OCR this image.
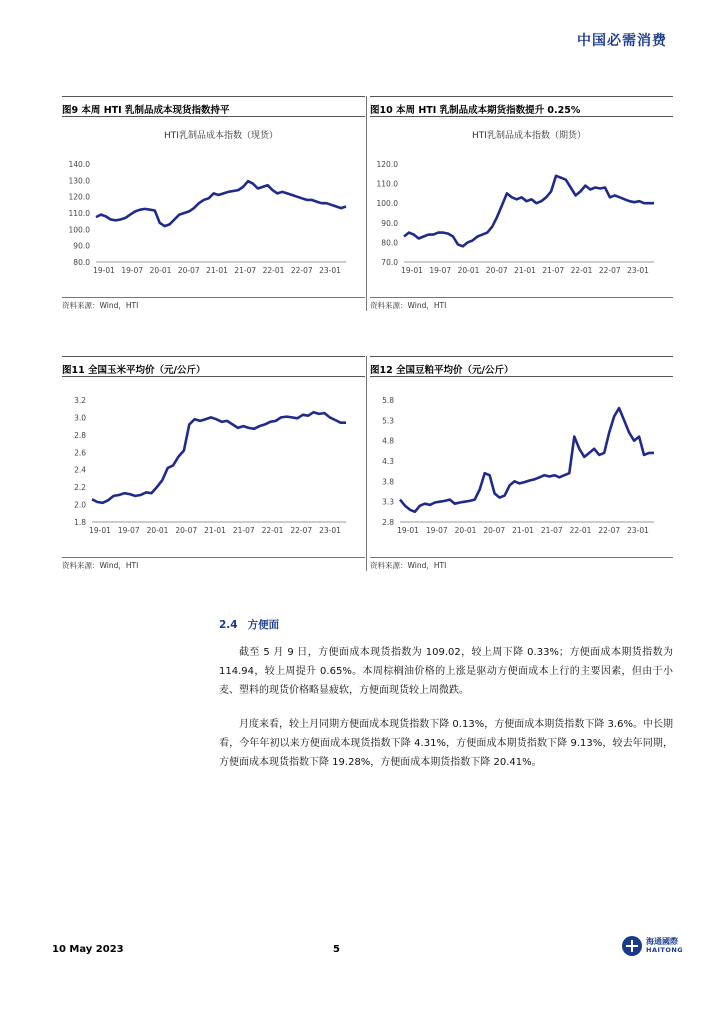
中国必需消费
图9 本周 HTI 乳制品成本现货指数持平
HTI乳制品成本指数（现货）
80.0
90.0
100.0
110.0
120.0
130.0
140.0
19-01 19-07 20-01 20-07 21-01 21-07 22-01 22-07 23-01
资料来源：Wind，HTI
图10 本周 HTI 乳制品成本期货指数提升 0.25%
HTI乳制品成本指数（期货）
70.0
80.0
90.0
100.0
110.0
120.0
19-01 19-07 20-01 20-07 21-01 21-07 22-01 22-07 23-01
资料来源：Wind，HTI
图11 全国玉米平均价（元/公斤）
1.8
2.0
2.2
2.4
2.6
2.8
3.0
3.2
19-01 19-07 20-01 20-07 21-01 21-07 22-01 22-07 23-01
资料来源：Wind，HTI
图12 全国豆粕平均价（元/公斤）
2.8
3.3
3.8
4.3
4.8
5.3
5.8
19-01 19-07 20-01 20-07 21-01 21-07 22-01 22-07 23-01
资料来源：Wind，HTI
2.4 方便面

截至 5 月 9 日，方便面成本现货指数为 109.02，较上周下降 0.33%；方便面成本期货指数为 114.94，较上周提升 0.65%。本周棕榈油价格的上涨是驱动方便面成本上行的主要因素，但由于小麦、塑料的现货价格略显疲软，方便面现货较上周微跌。

月度来看，较上月同期方便面成本现货指数下降 0.13%，方便面成本期货指数下降 3.6%。中长期看，今年年初以来方便面成本现货指数下降 4.31%，方便面成本期货指数下降 9.13%，较去年同期，方便面成本现货指数下降 19.28%，方便面成本期货指数下降 20.41%。

10 May 2023	5
海通國際
HAITONG
